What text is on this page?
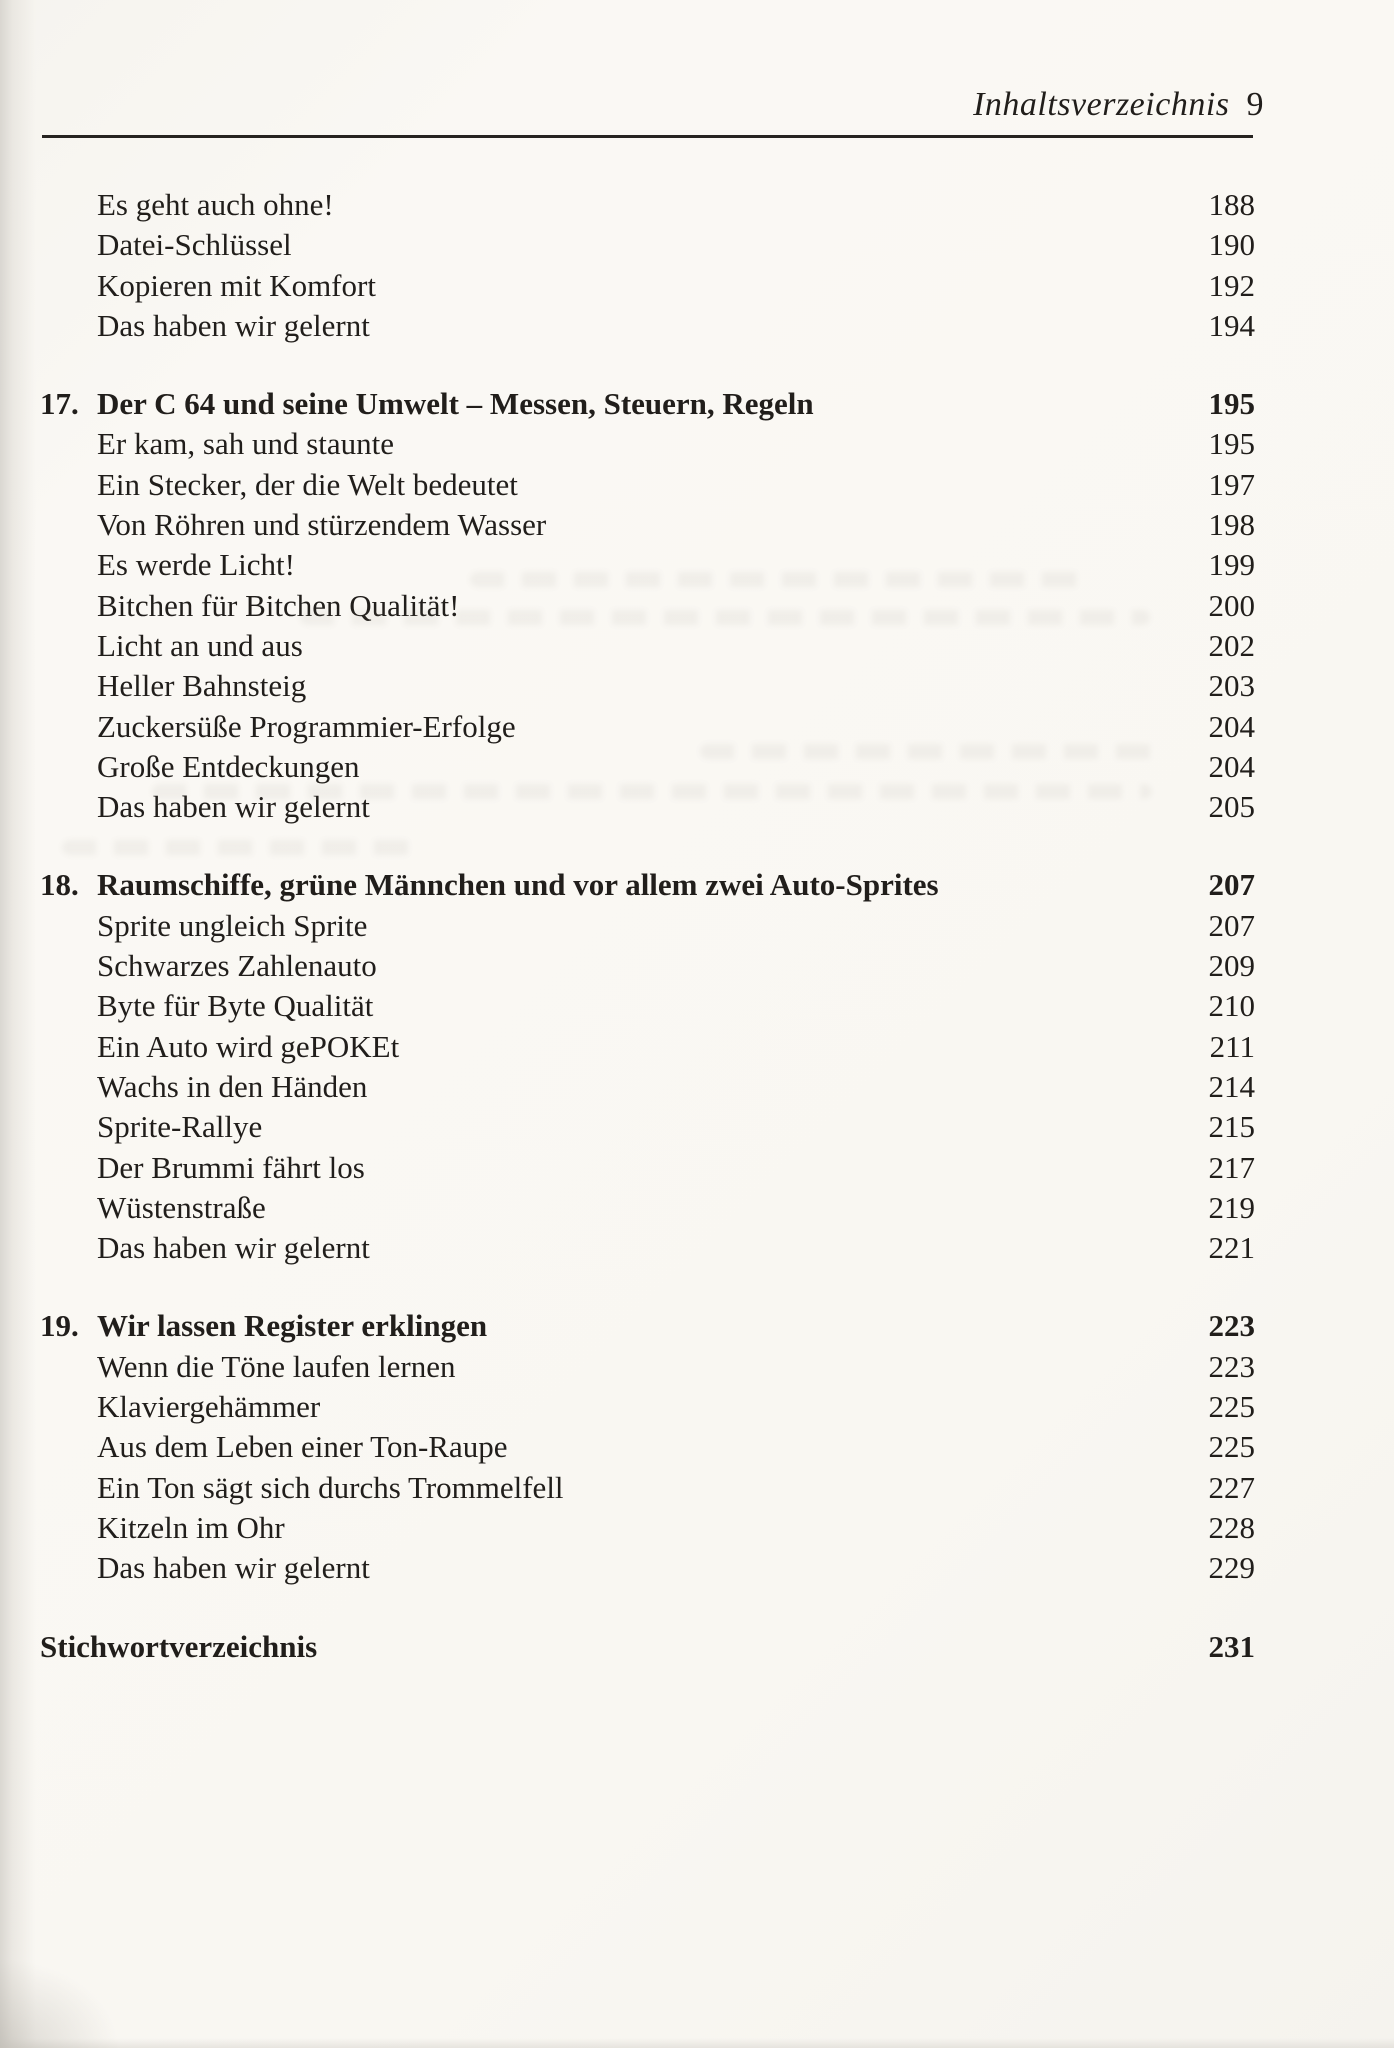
Inhaltsverzeichnis 9
Es geht auch ohne!	188
Datei-Schlüssel	190
Kopieren mit Komfort	192
Das haben wir gelernt	194
17. Der C 64 und seine Umwelt – Messen, Steuern, Regeln	195
Er kam, sah und staunte	195
Ein Stecker, der die Welt bedeutet	197
Von Röhren und stürzendem Wasser	198
Es werde Licht!	199
Bitchen für Bitchen Qualität!	200
Licht an und aus	202
Heller Bahnsteig	203
Zuckersüße Programmier-Erfolge	204
Große Entdeckungen	204
Das haben wir gelernt	205
18. Raumschiffe, grüne Männchen und vor allem zwei Auto-Sprites	207
Sprite ungleich Sprite	207
Schwarzes Zahlenauto	209
Byte für Byte Qualität	210
Ein Auto wird gePOKEt	211
Wachs in den Händen	214
Sprite-Rallye	215
Der Brummi fährt los	217
Wüstenstraße	219
Das haben wir gelernt	221
19. Wir lassen Register erklingen	223
Wenn die Töne laufen lernen	223
Klaviergehämmer	225
Aus dem Leben einer Ton-Raupe	225
Ein Ton sägt sich durchs Trommelfell	227
Kitzeln im Ohr	228
Das haben wir gelernt	229
Stichwortverzeichnis	231
